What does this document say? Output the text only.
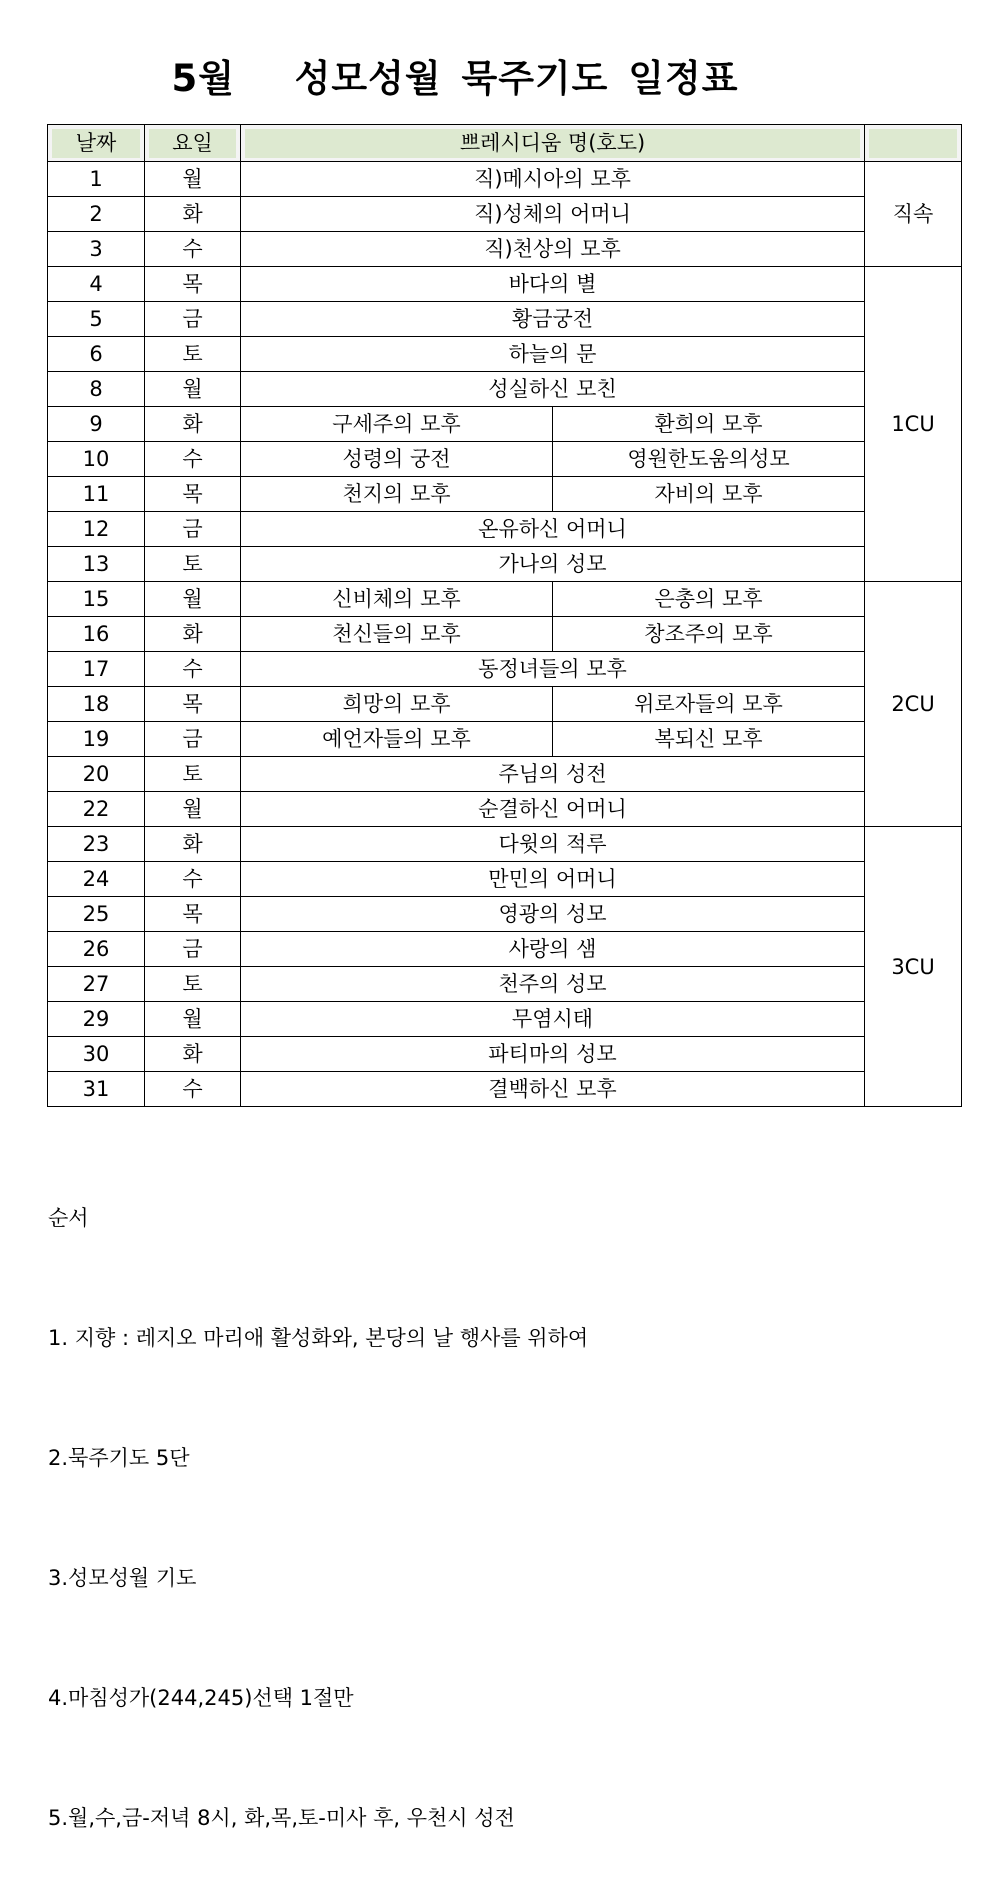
5월   성모성월 묵주기도 일정표
날짜	요일	쁘레시디움 명(호도)		

1	월	직)메시아의 모후		직속
2	화	직)성체의 어머니		
3	수	직)천상의 모후		
4	목	바다의 별		1CU
5	금	황금궁전		
6	토	하늘의 문		
8	월	성실하신 모친		
9	화	구세주의 모후	환희의 모후	
10	수	성령의 궁전	영원한도움의성모	
11	목	천지의 모후	자비의 모후	
12	금	온유하신 어머니		
13	토	가나의 성모		
15	월	신비체의 모후	은총의 모후	2CU
16	화	천신들의 모후	창조주의 모후	
17	수	동정녀들의 모후		
18	목	희망의 모후	위로자들의 모후	
19	금	예언자들의 모후	복되신 모후	
20	토	주님의 성전		
22	월	순결하신 어머니		
23	화	다윗의 적루		3CU
24	수	만민의 어머니		
25	목	영광의 성모		
26	금	사랑의 샘		
27	토	천주의 성모		
29	월	무염시태		
30	화	파티마의 성모		
31	수	결백하신 모후		

순서

1. 지향 : 레지오 마리애 활성화와, 본당의 날 행사를 위하여

2.묵주기도 5단

3.성모성월 기도

4.마침성가(244,245)선택 1절만

5.월,수,금-저녁 8시, 화,목,토-미사 후, 우천시 성전
